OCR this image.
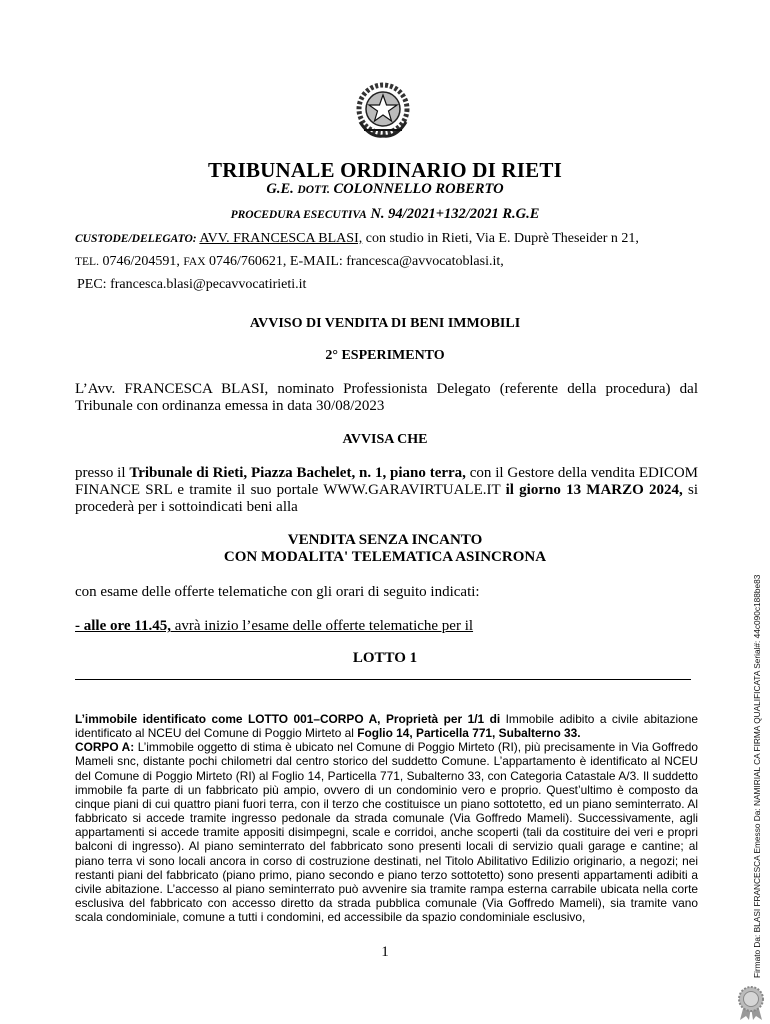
TRIBUNALE ORDINARIO DI RIETI
G.E. DOTT. COLONNELLO ROBERTO
PROCEDURA ESECUTIVA N. 94/2021+132/2021 R.G.E
CUSTODE/DELEGATO: AVV. FRANCESCA BLASI, con studio in Rieti, Via E. Duprè Theseider n 21,
TEL. 0746/204591, FAX 0746/760621, E-MAIL: francesca@avvocatoblasi.it,
PEC: francesca.blasi@pecavvocatirieti.it
AVVISO DI VENDITA DI BENI IMMOBILI
2° ESPERIMENTO
L’Avv. FRANCESCA BLASI, nominato Professionista Delegato (referente della procedura) dal Tribunale con ordinanza emessa in data 30/08/2023
AVVISA CHE
presso il Tribunale di Rieti, Piazza Bachelet, n. 1, piano terra, con il Gestore della vendita EDICOM FINANCE SRL e tramite il suo portale WWW.GARAVIRTUALE.IT il giorno 13 MARZO 2024, si procederà per i sottoindicati beni alla
VENDITA SENZA INCANTO
CON MODALITA' TELEMATICA ASINCRONA
con esame delle offerte telematiche con gli orari di seguito indicati:
- alle ore 11.45, avrà inizio l’esame delle offerte telematiche per il
LOTTO 1
L’immobile identificato come LOTTO 001–CORPO A, Proprietà per 1/1 di Immobile adibito a civile abitazione identificato al NCEU del Comune di Poggio Mirteto al Foglio 14, Particella 771, Subalterno 33.
CORPO A: L’immobile oggetto di stima è ubicato nel Comune di Poggio Mirteto (RI), più precisamente in Via Goffredo Mameli snc, distante pochi chilometri dal centro storico del suddetto Comune. L’appartamento è identificato al NCEU del Comune di Poggio Mirteto (RI) al Foglio 14, Particella 771, Subalterno 33, con Categoria Catastale A/3. Il suddetto immobile fa parte di un fabbricato più ampio, ovvero di un condominio vero e proprio. Quest’ultimo è composto da cinque piani di cui quattro piani fuori terra, con il terzo che costituisce un piano sottotetto, ed un piano seminterrato. Al fabbricato si accede tramite ingresso pedonale da strada comunale (Via Goffredo Mameli). Successivamente, agli appartamenti si accede tramite appositi disimpegni, scale e corridoi, anche scoperti (tali da costituire dei veri e propri balconi di ingresso). Al piano seminterrato del fabbricato sono presenti locali di servizio quali garage e cantine; al piano terra vi sono locali ancora in corso di costruzione destinati, nel Titolo Abilitativo Edilizio originario, a negozi; nei restanti piani del fabbricato (piano primo, piano secondo e piano terzo sottotetto) sono presenti appartamenti adibiti a civile abitazione. L’accesso al piano seminterrato può avvenire sia tramite rampa esterna carrabile ubicata nella corte esclusiva del fabbricato con accesso diretto da strada pubblica comunale (Via Goffredo Mameli), sia tramite vano scala condominiale, comune a tutti i condomini, ed accessibile da spazio condominiale esclusivo,
1	Firmato Da: BLASI FRANCESCA Emesso Da: NAMIRIAL CA FIRMA QUALIFICATA Serial#: 44c090c188be83
